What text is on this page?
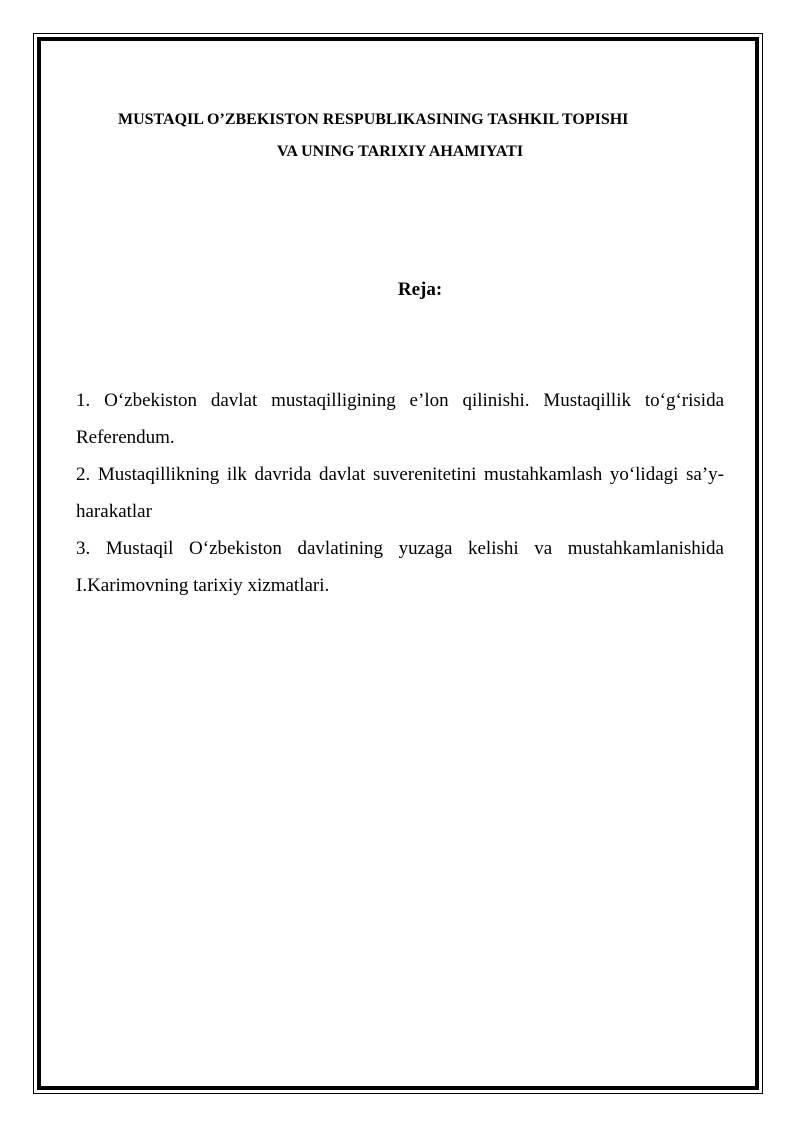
MUSTAQIL O’ZBEKISTON RESPUBLIKASINING TASHKIL TOPISHI
VA UNING TARIXIY AHAMIYATI
Reja:
1. O‘zbekiston davlat mustaqilligining e’lon qilinishi. Mustaqillik to‘g‘risida Referendum.
2. Mustaqillikning ilk davrida davlat suverenitetini mustahkamlash yo‘lidagi sa’y-harakatlar
3. Mustaqil O‘zbekiston davlatining yuzaga kelishi va mustahkamlanishida I.Karimovning tarixiy xizmatlari.
